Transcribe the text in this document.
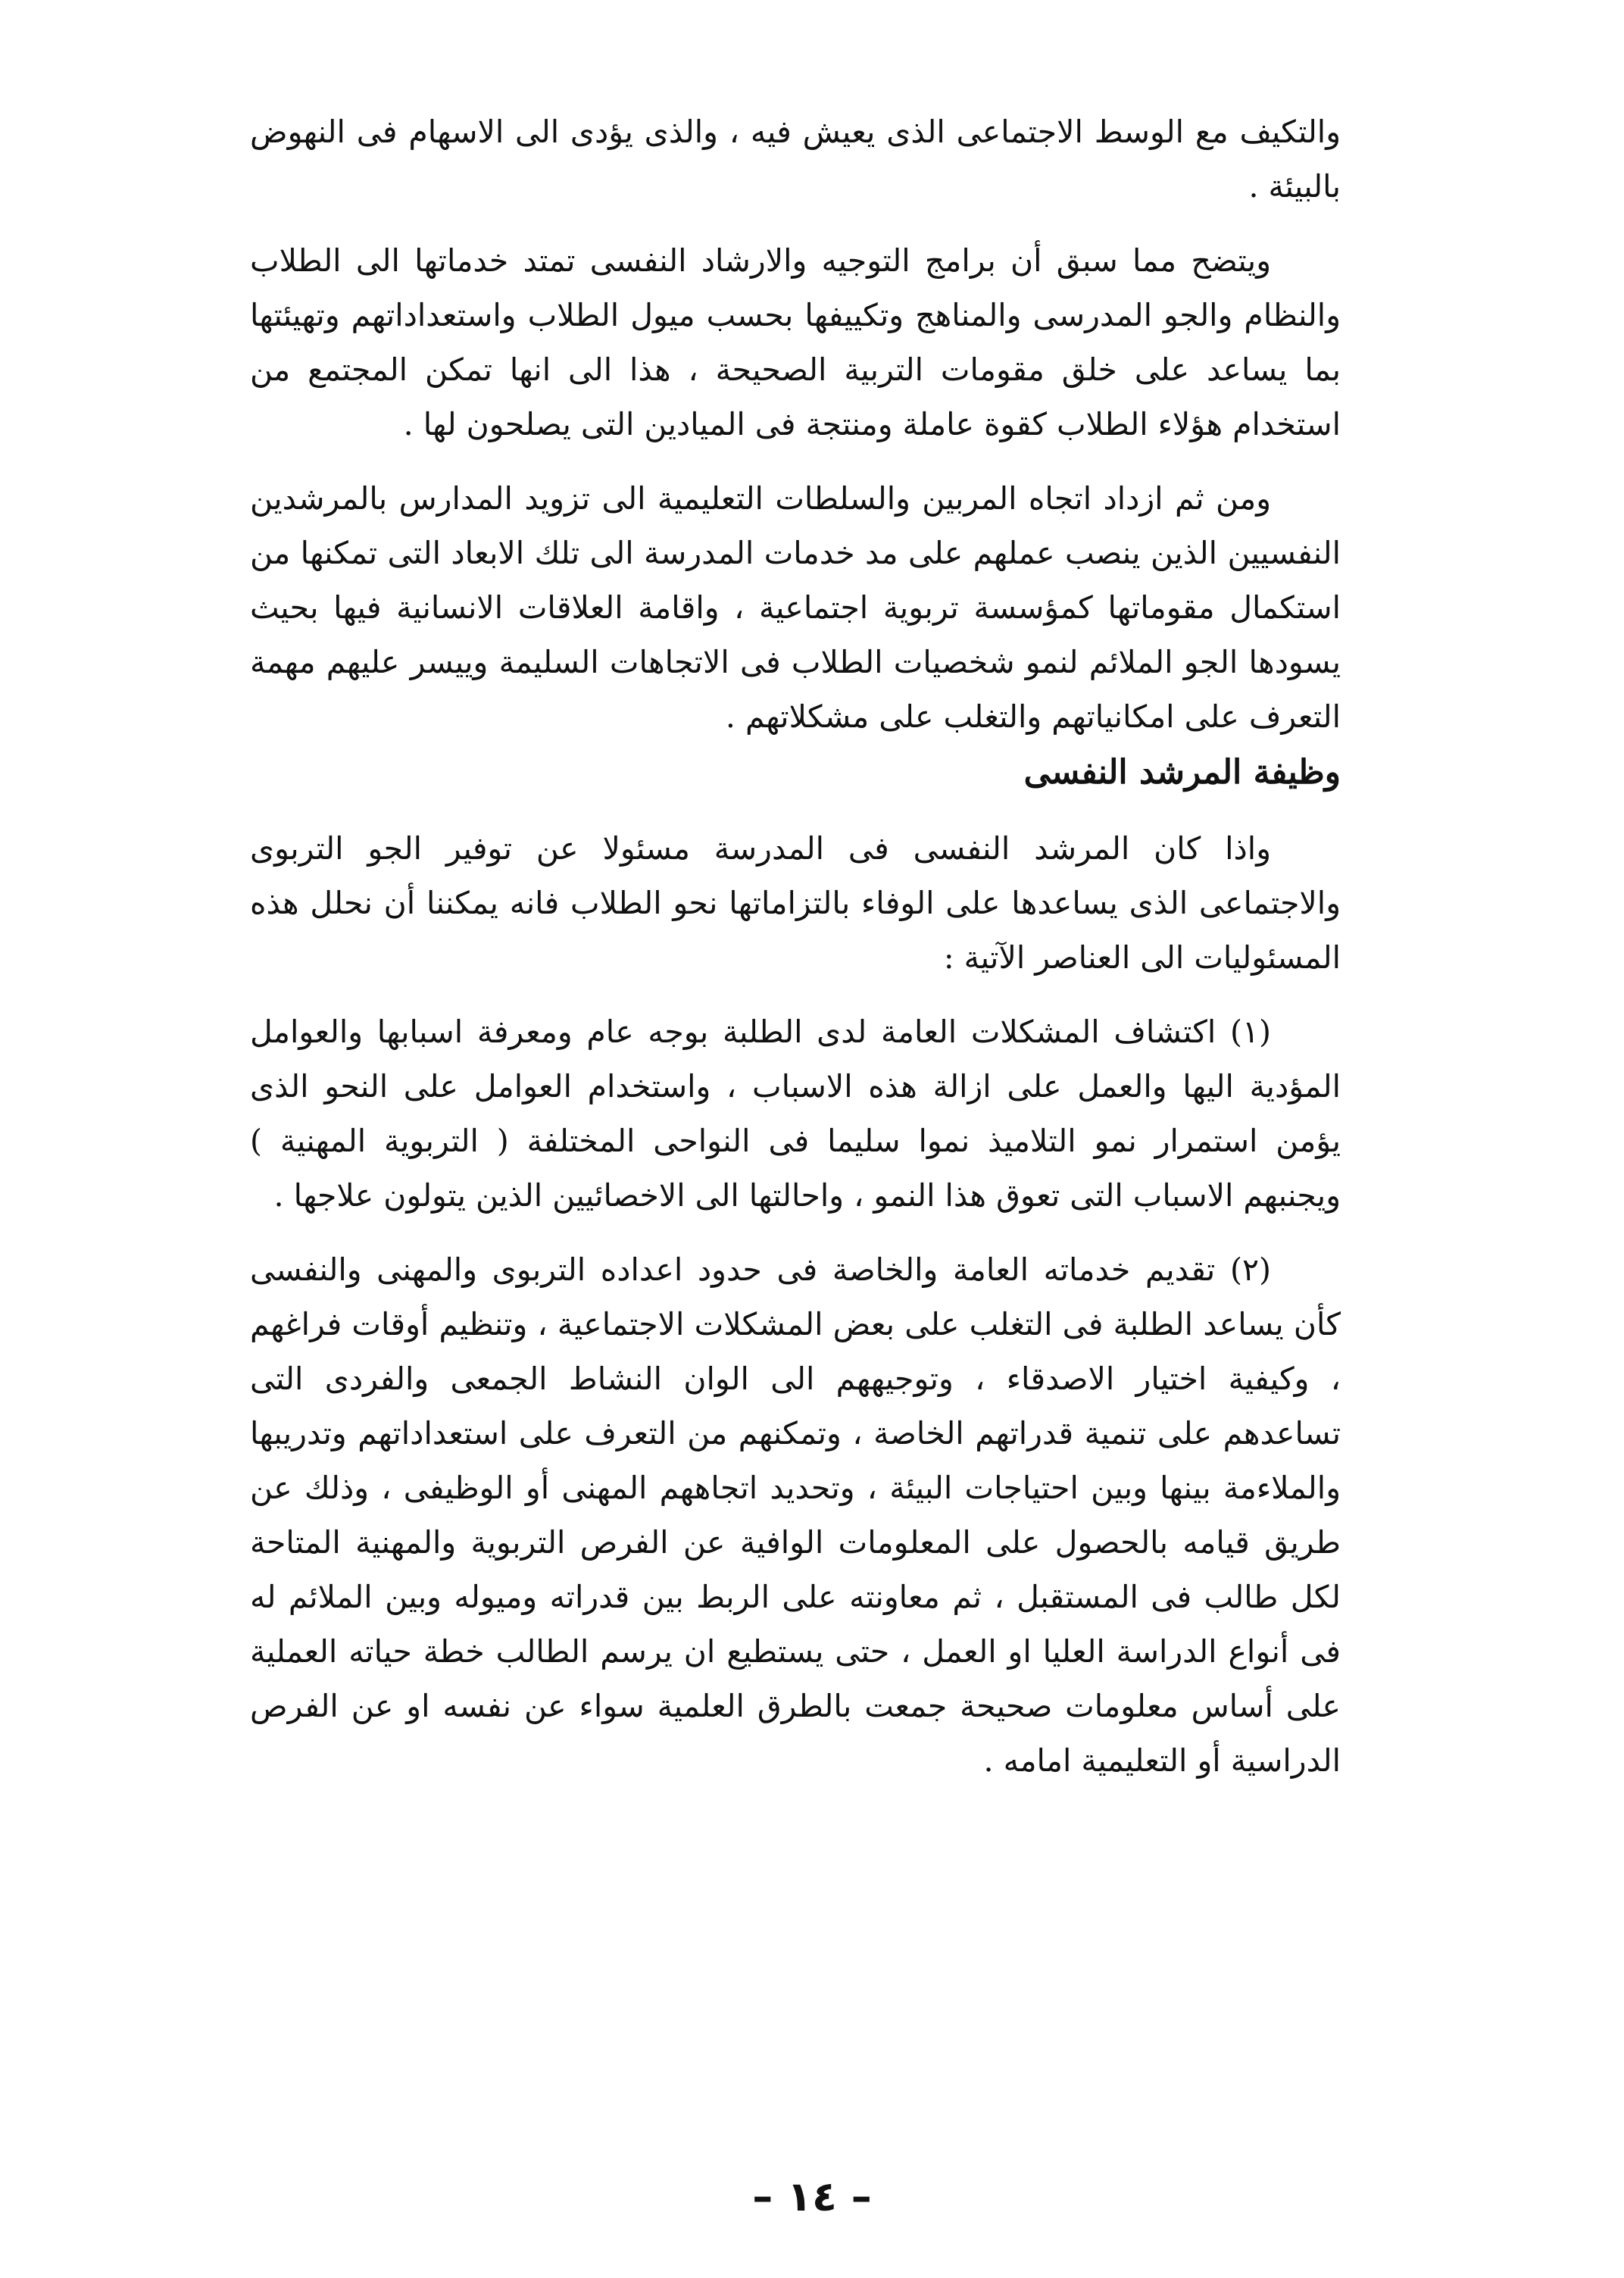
والتكيف مع الوسط الاجتماعى الذى يعيش فيه ، والذى يؤدى الى الاسهام فى النهوض بالبيئة .

ويتضح مما سبق أن برامج التوجيه والارشاد النفسى تمتد خدماتها الى الطلاب والنظام والجو المدرسى والمناهج وتكييفها بحسب ميول الطلاب واستعداداتهم وتهيئتها بما يساعد على خلق مقومات التربية الصحيحة ، هذا الى انها تمكن المجتمع من استخدام هؤلاء الطلاب كقوة عاملة ومنتجة فى الميادين التى يصلحون لها .

ومن ثم ازداد اتجاه المربين والسلطات التعليمية الى تزويد المدارس بالمرشدين النفسيين الذين ينصب عملهم على مد خدمات المدرسة الى تلك الابعاد التى تمكنها من استكمال مقوماتها كمؤسسة تربوية اجتماعية ، واقامة العلاقات الانسانية فيها بحيث يسودها الجو الملائم لنمو شخصيات الطلاب فى الاتجاهات السليمة وييسر عليهم مهمة التعرف على امكانياتهم والتغلب على مشكلاتهم .

وظيفة المرشد النفسى

واذا كان المرشد النفسى فى المدرسة مسئولا عن توفير الجو التربوى والاجتماعى الذى يساعدها على الوفاء بالتزاماتها نحو الطلاب فانه يمكننا أن نحلل هذه المسئوليات الى العناصر الآتية :

(١) اكتشاف المشكلات العامة لدى الطلبة بوجه عام ومعرفة اسبابها والعوامل المؤدية اليها والعمل على ازالة هذه الاسباب ، واستخدام العوامل على النحو الذى يؤمن استمرار نمو التلاميذ نموا سليما فى النواحى المختلفة ( التربوية المهنية ) ويجنبهم الاسباب التى تعوق هذا النمو ، واحالتها الى الاخصائيين الذين يتولون علاجها .

(٢) تقديم خدماته العامة والخاصة فى حدود اعداده التربوى والمهنى والنفسى كأن يساعد الطلبة فى التغلب على بعض المشكلات الاجتماعية ، وتنظيم أوقات فراغهم ، وكيفية اختيار الاصدقاء ، وتوجيههم الى الوان النشاط الجمعى والفردى التى تساعدهم على تنمية قدراتهم الخاصة ، وتمكنهم من التعرف على استعداداتهم وتدريبها والملاءمة بينها وبين احتياجات البيئة ، وتحديد اتجاههم المهنى أو الوظيفى ، وذلك عن طريق قيامه بالحصول على المعلومات الوافية عن الفرص التربوية والمهنية المتاحة لكل طالب فى المستقبل ، ثم معاونته على الربط بين قدراته وميوله وبين الملائم له فى أنواع الدراسة العليا او العمل ، حتى يستطيع ان يرسم الطالب خطة حياته العملية على أساس معلومات صحيحة جمعت بالطرق العلمية سواء عن نفسه او عن الفرص الدراسية أو التعليمية امامه .

– ١٤ –
